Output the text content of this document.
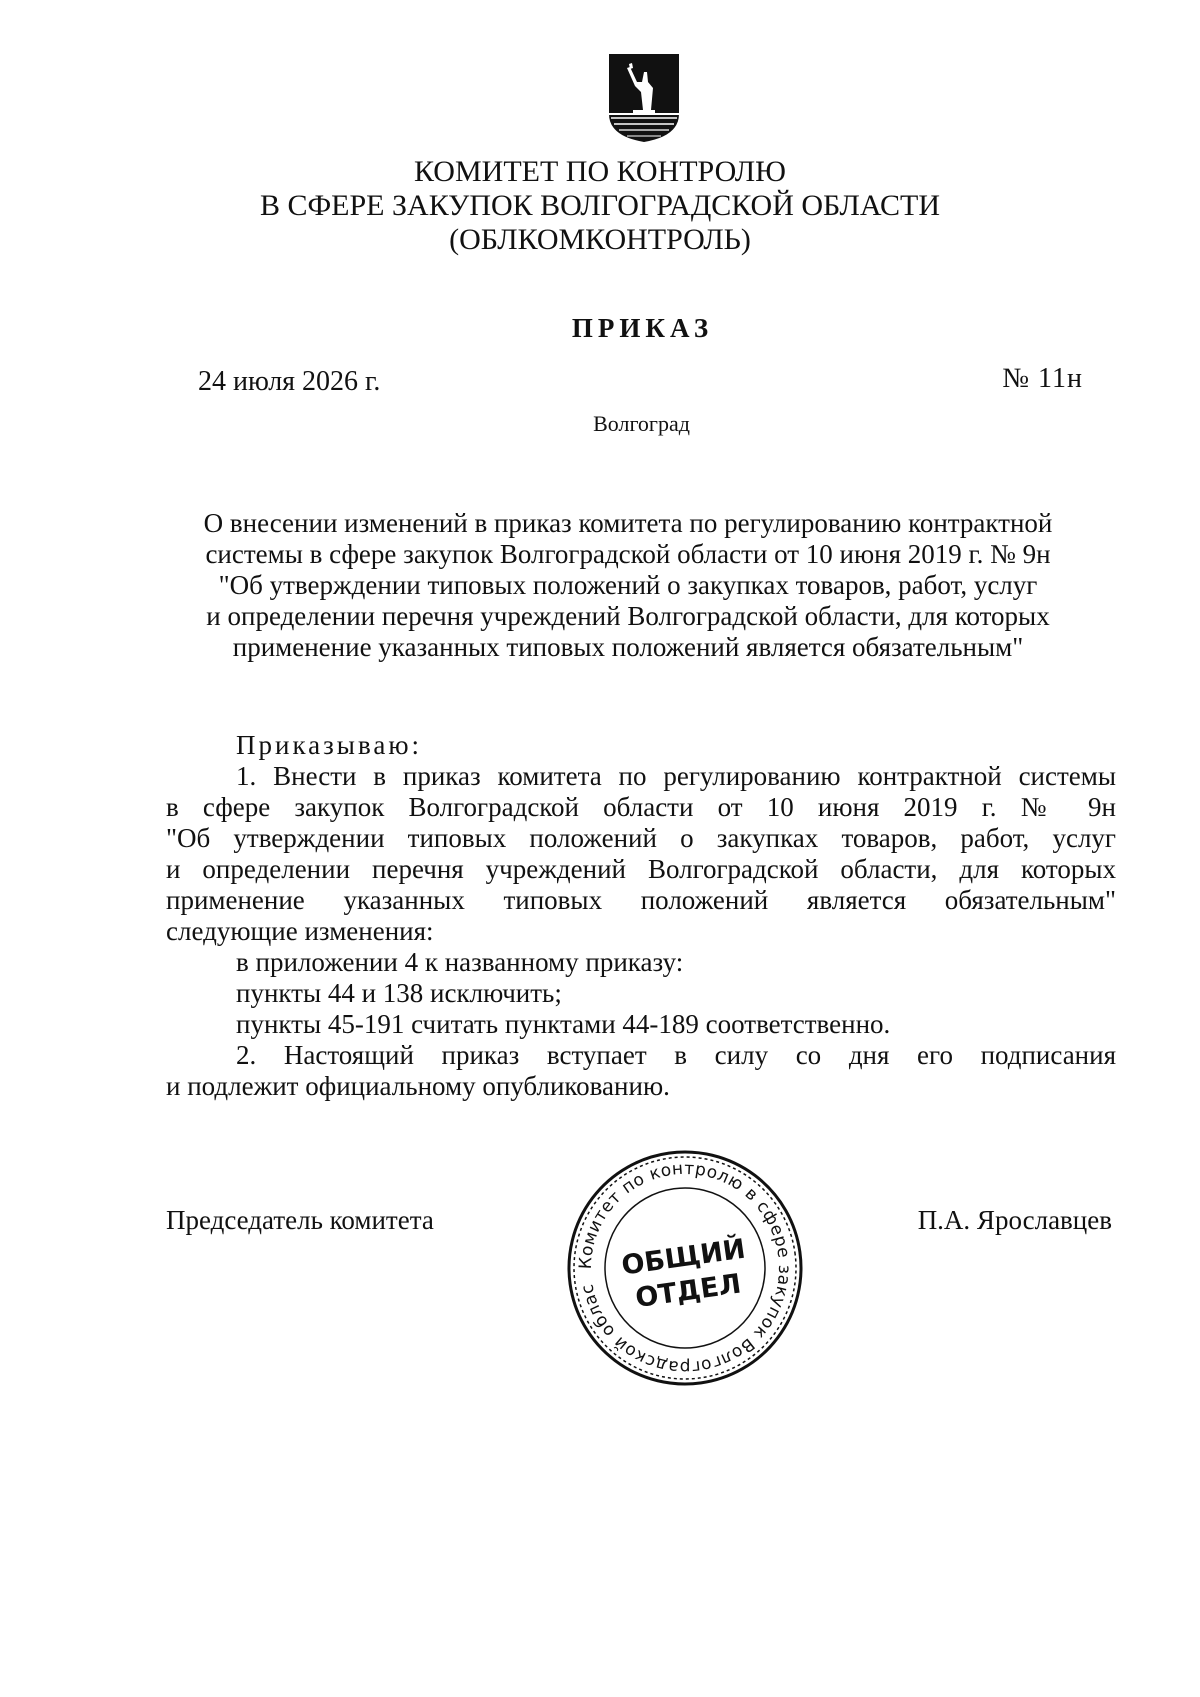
КОМИТЕТ ПО КОНТРОЛЮ
В СФЕРЕ ЗАКУПОК ВОЛГОГРАДСКОЙ ОБЛАСТИ
(ОБЛКОМКОНТРОЛЬ)
ПРИКАЗ
24 июля 2026 г.	№ 11н
Волгоград
О внесении изменений в приказ комитета по регулированию контрактной
системы в сфере закупок Волгоградской области от 10 июня 2019 г. № 9н
"Об утверждении типовых положений о закупках товаров, работ, услуг
и определении перечня учреждений Волгоградской области, для которых
применение указанных типовых положений является обязательным"
Приказываю:
1. Внести в приказ комитета по регулированию контрактной системы
в сфере закупок Волгоградской области от 10 июня 2019 г. № 9н
"Об утверждении типовых положений о закупках товаров, работ, услуг
и определении перечня учреждений Волгоградской области, для которых
применение указанных типовых положений является обязательным"
следующие изменения:
в приложении 4 к названному приказу:
пункты 44 и 138 исключить;
пункты 45-191 считать пунктами 44-189 соответственно.
2. Настоящий приказ вступает в силу со дня его подписания
и подлежит официальному опубликованию.
Председатель комитета	П.А. Ярославцев
Комитет по контролю в сфере закупок Волгоградской области
ОБЩИЙ
ОТДЕЛ
